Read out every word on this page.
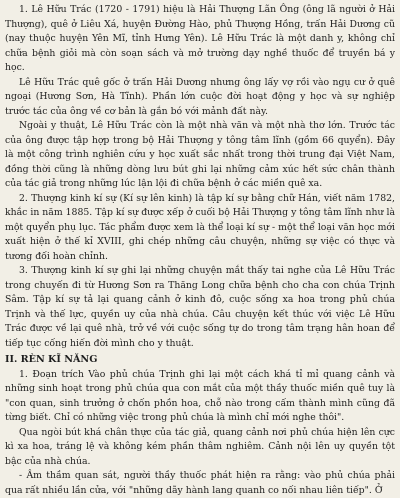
1. Lê Hữu Trác (1720 - 1791) hiệu là Hải Thượng Lãn Ông (ông lã người ở Hải Thượng), quê ở Liêu Xá, huyện Đường Hào, phủ Thượng Hồng, trấn Hải Dương cũ (nay thuộc huyện Yên Mĩ, tỉnh Hưng Yên). Lê Hữu Trác là một danh y, không chỉ chữa bệnh giỏi mà còn soạn sách và mở trường dạy nghề thuốc để truyền bá y học.

Lê Hữu Trác quê gốc ở trấn Hải Dương nhưng ông lấy vợ rồi vào ngụ cư ở quê ngoại (Hương Sơn, Hà Tĩnh). Phần lớn cuộc đời hoạt động y học và sự nghiệp trước tác của ông về cơ bản là gắn bó với mảnh đất này.

Ngoài y thuật, Lê Hữu Trác còn là một nhà văn và một nhà thơ lớn. Trước tác của ông được tập hợp trong bộ Hải Thượng y tông tâm lĩnh (gồm 66 quyển). Đây là một công trình nghiên cứu y học xuất sắc nhất trong thời trung đại Việt Nam, đồng thời cũng là những dòng lưu bút ghi lại những cảm xúc hết sức chân thành của tác giả trong những lúc lận lội đi chữa bệnh ở các miền quê xa.

2. Thượng kinh kí sự (Kí sự lên kinh) là tập kí sự bằng chữ Hán, viết năm 1782, khắc in năm 1885. Tập kí sự được xếp ở cuối bộ Hải Thượng y tông tâm lĩnh như là một quyển phụ lục. Tác phẩm được xem là thể loại kí sự - một thể loại văn học mới xuất hiện ở thế kỉ XVIII, ghi chép những câu chuyện, những sự việc có thực và tương đối hoàn chỉnh.

3. Thượng kinh kí sự ghi lại những chuyện mắt thấy tai nghe của Lê Hữu Trác trong chuyến đi từ Hương Sơn ra Thăng Long chữa bệnh cho cha con chúa Trịnh Sâm. Tập kí sự tả lại quang cảnh ở kinh đô, cuộc sống xa hoa trong phủ chúa Trịnh và thế lực, quyền uy của nhà chúa. Câu chuyện kết thúc với việc Lê Hữu Trác được về lại quê nhà, trở về với cuộc sống tự do trong tâm trạng hân hoan để tiếp tục cống hiến đời mình cho y thuật.

II. RÈN KĨ NĂNG

1. Đoạn trích Vào phủ chúa Trịnh ghi lại một cách khá tỉ mỉ quang cảnh và những sinh hoạt trong phủ chúa qua con mắt của một thầy thuốc miền quê tuy là "con quan, sinh trưởng ở chốn phồn hoa, chỗ nào trong cấm thành mình cũng đã từng biết. Chỉ có những việc trong phủ chúa là mình chỉ mới nghe thôi".

Qua ngòi bút khá chân thực của tác giả, quang cảnh nơi phủ chúa hiện lên cực kì xa hoa, tráng lệ và không kém phần thâm nghiêm. Cảnh nội lên uy quyền tột bậc của nhà chúa.

- Âm thầm quan sát, người thầy thuốc phát hiện ra rằng: vào phủ chúa phải qua rất nhiều lần cửa, với "những dãy hành lang quanh co nối nhau liên tiếp". Ở
